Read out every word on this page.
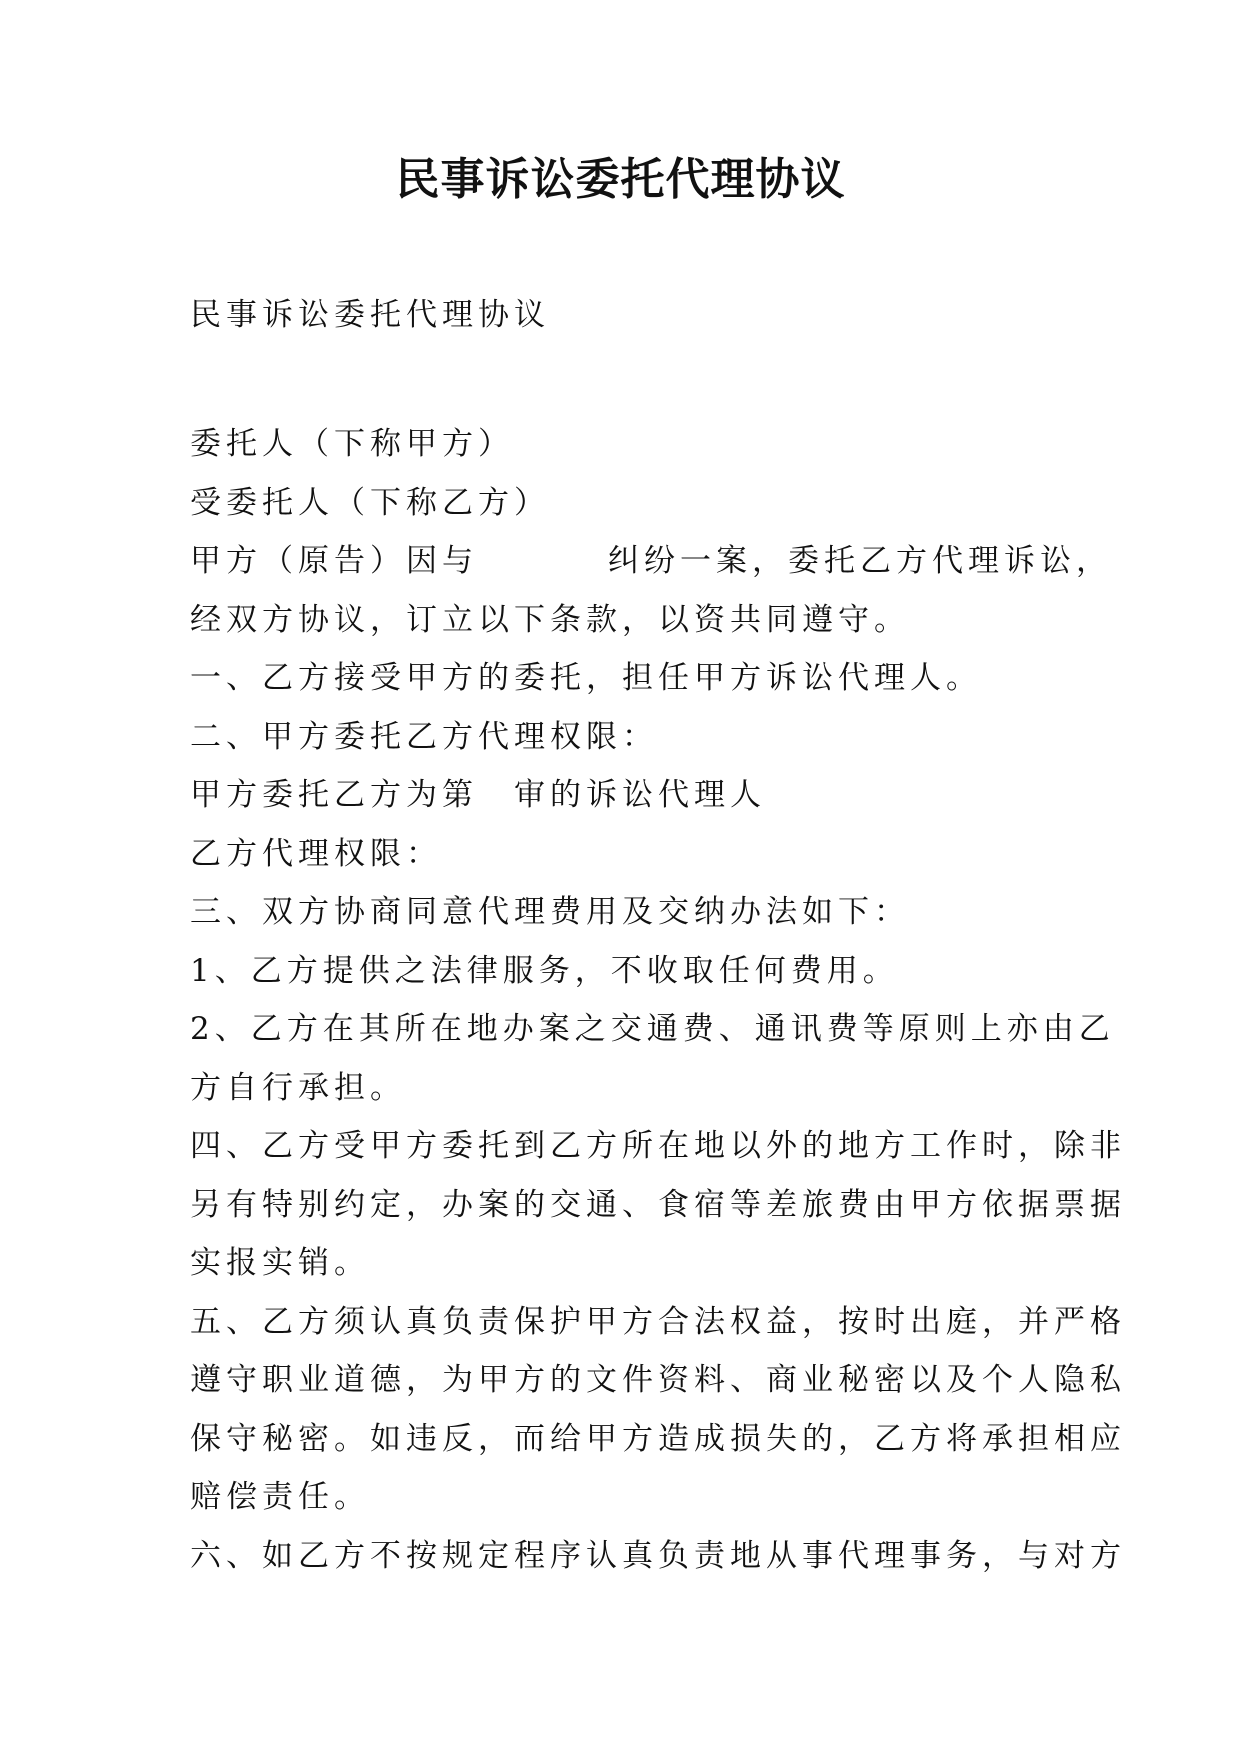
民事诉讼委托代理协议
民事诉讼委托代理协议
委托人（下称甲方）
受委托人（下称乙方）
甲方（原告）因与	纠纷一案，委托乙方代理诉讼，
经双方协议，订立以下条款，以资共同遵守。
一、乙方接受甲方的委托，担任甲方诉讼代理人。
二、甲方委托乙方代理权限：
甲方委托乙方为第 审的诉讼代理人
乙方代理权限：
三、双方协商同意代理费用及交纳办法如下：
1、乙方提供之法律服务，不收取任何费用。
2、乙方在其所在地办案之交通费、通讯费等原则上亦由乙
方自行承担。
四、乙方受甲方委托到乙方所在地以外的地方工作时，除非
另有特别约定，办案的交通、食宿等差旅费由甲方依据票据
实报实销。
五、乙方须认真负责保护甲方合法权益，按时出庭，并严格
遵守职业道德，为甲方的文件资料、商业秘密以及个人隐私
保守秘密。如违反，而给甲方造成损失的，乙方将承担相应
赔偿责任。
六、如乙方不按规定程序认真负责地从事代理事务，与对方
